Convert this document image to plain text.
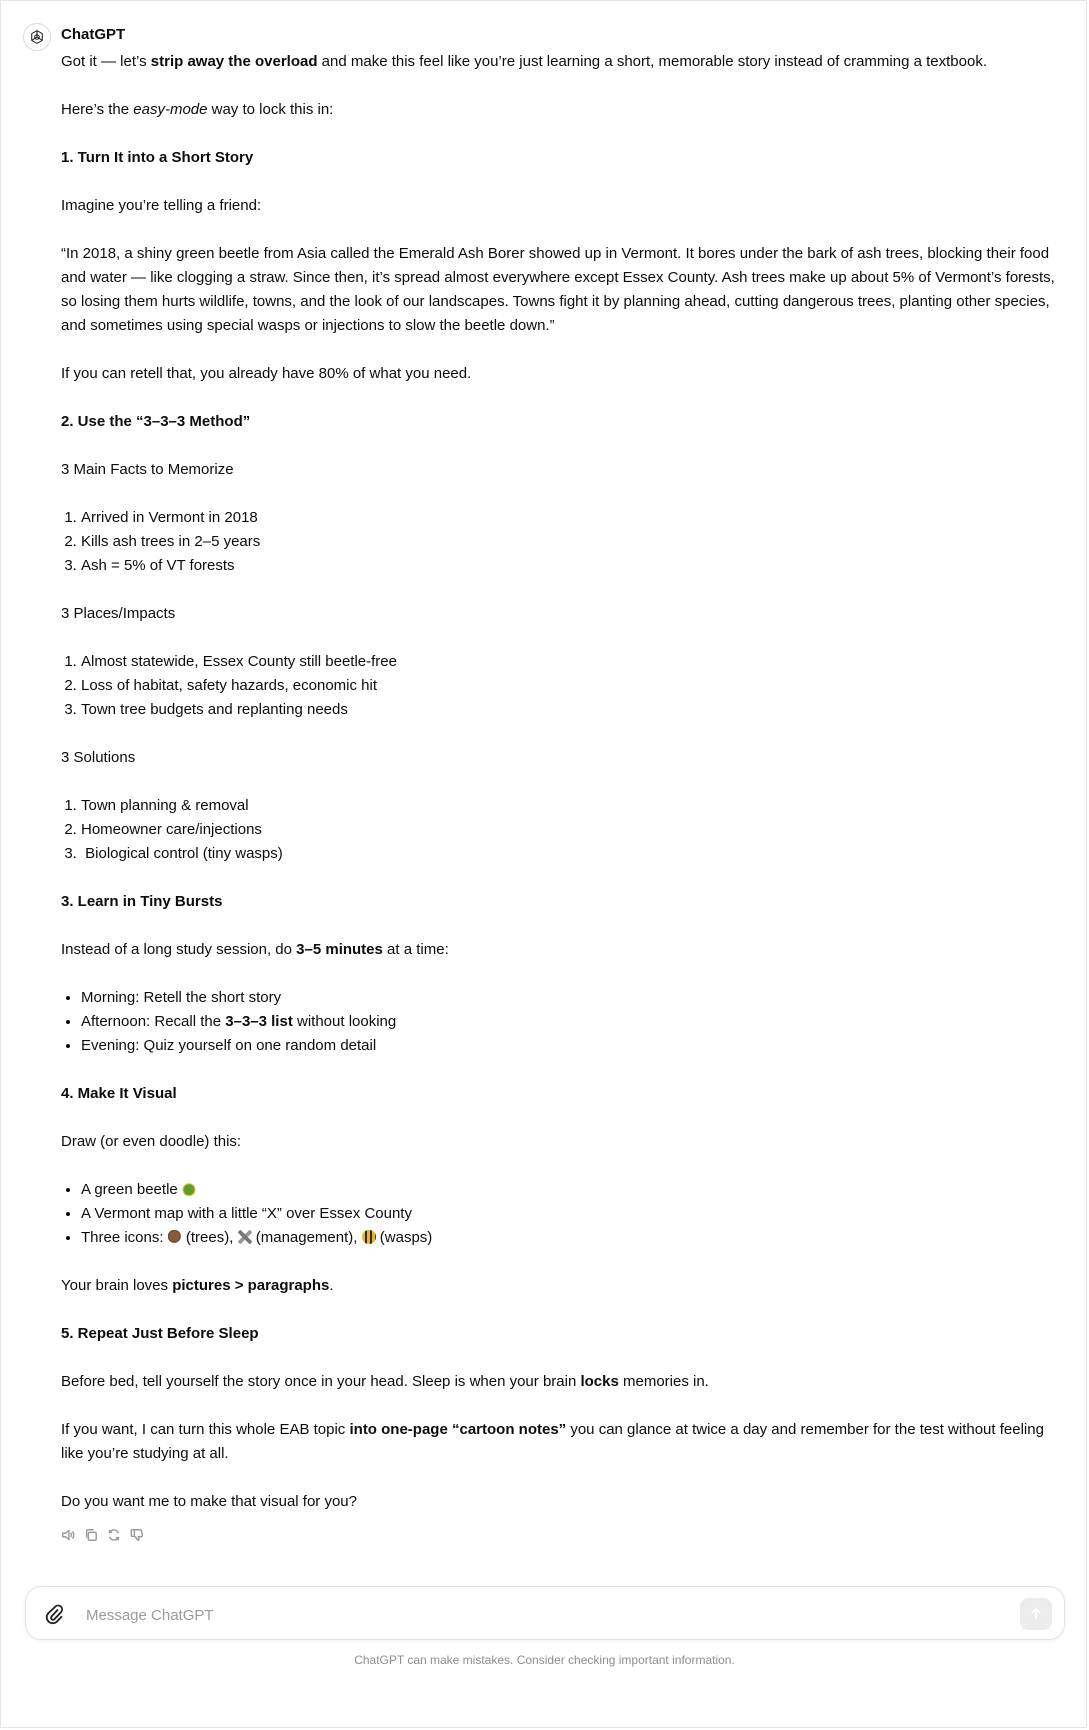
ChatGPT

Got it — let’s strip away the overload and make this feel like you’re just learning a short, memorable story instead of cramming a textbook.

Here’s the easy-mode way to lock this in:

1. Turn It into a Short Story

Imagine you’re telling a friend:

“In 2018, a shiny green beetle from Asia called the Emerald Ash Borer showed up in Vermont. It bores under the bark of ash trees, blocking their food and water — like clogging a straw. Since then, it’s spread almost everywhere except Essex County. Ash trees make up about 5% of Vermont’s forests, so losing them hurts wildlife, towns, and the look of our landscapes. Towns fight it by planning ahead, cutting dangerous trees, planting other species, and sometimes using special wasps or injections to slow the beetle down.”

If you can retell that, you already have 80% of what you need.

2. Use the “3–3–3 Method”

3 Main Facts to Memorize

1. Arrived in Vermont in 2018
2. Kills ash trees in 2–5 years
3. Ash = 5% of VT forests

3 Places/Impacts

1. Almost statewide, Essex County still beetle-free
2. Loss of habitat, safety hazards, economic hit
3. Town tree budgets and replanting needs

3 Solutions

1. Town planning & removal
2. Homeowner care/injections
3.  Biological control (tiny wasps)

3. Learn in Tiny Bursts

Instead of a long study session, do 3–5 minutes at a time:

• Morning: Retell the short story
• Afternoon: Recall the 3–3–3 list without looking
• Evening: Quiz yourself on one random detail

4. Make It Visual

Draw (or even doodle) this:

• A green beetle
• A Vermont map with a little “X” over Essex County
• Three icons:  (trees),  (management),  (wasps)

Your brain loves pictures > paragraphs.

5. Repeat Just Before Sleep

Before bed, tell yourself the story once in your head. Sleep is when your brain locks memories in.

If you want, I can turn this whole EAB topic into one-page “cartoon notes” you can glance at twice a day and remember for the test without feeling like you’re studying at all.

Do you want me to make that visual for you?

Message ChatGPT
ChatGPT can make mistakes. Consider checking important information.
